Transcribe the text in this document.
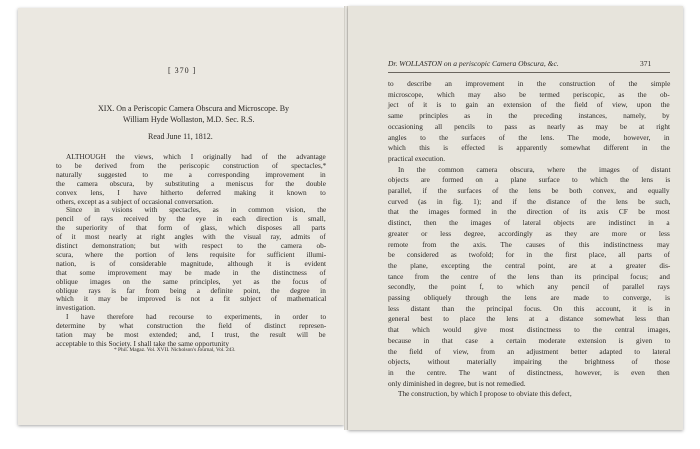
[ 370 ]
XIX. On a Periscopic Camera Obscura and Microscope. By
William Hyde Wollaston, M.D. Sec. R.S.
Read June 11, 1812.
ALTHOUGH the views, which I originally had of the advantage
to be derived from the periscopic construction of spectacles,*
naturally suggested to me a corresponding improvement in
the camera obscura, by substituting a meniscus for the double
convex lens, I have hitherto deferred making it known to
others, except as a subject of occasional conversation.
Since in visions with spectacles, as in common vision, the
pencil of rays received by the eye in each direction is small,
the superiority of that form of glass, which disposes all parts
of it most nearly at right angles with the visual ray, admits of
distinct demonstration; but with respect to the camera ob-
scura, where the portion of lens requisite for sufficient illumi-
nation, is of considerable magnitude, although it is evident
that some improvement may be made in the distinctness of
oblique images on the same principles, yet as the focus of
oblique rays is far from being a definite point, the degree in
which it may be improved is not a fit subject of mathematical
investigation.
I have therefore had recourse to experiments, in order to
determine by what construction the field of distinct represen-
tation may be most extended; and, I trust, the result will be
acceptable to this Society. I shall take the same opportunity
* Phil. Magaz. Vol. XVII. Nicholson's Journal, Vol. 243.
Dr. WOLLASTON on a periscopic Camera Obscura, &c.	371
to describe an improvement in the construction of the simple
microscope, which may also be termed periscopic, as the ob-
ject of it is to gain an extension of the field of view, upon the
same principles as in the preceding instances, namely, by
occasioning all pencils to pass as nearly as may be at right
angles to the surfaces of the lens. The mode, however, in
which this is effected is apparently somewhat different in the
practical execution.
In the common camera obscura, where the images of distant
objects are formed on a plane surface to which the lens is
parallel, if the surfaces of the lens be both convex, and equally
curved (as in fig. 1); and if the distance of the lens be such,
that the images formed in the direction of its axis CF be most
distinct, then the images of lateral objects are indistinct in a
greater or less degree, accordingly as they are more or less
remote from the axis. The causes of this indistinctness may
be considered as twofold; for in the first place, all parts of
the plane, excepting the central point, are at a greater dis-
tance from the centre of the lens than its principal focus; and
secondly, the point f, to which any pencil of parallel rays
passing obliquely through the lens are made to converge, is
less distant than the principal focus. On this account, it is in
general best to place the lens at a distance somewhat less than
that which would give most distinctness to the central images,
because in that case a certain moderate extension is given to
the field of view, from an adjustment better adapted to lateral
objects, without materially impairing the brightness of those
in the centre. The want of distinctness, however, is even then
only diminished in degree, but is not remedied.
The construction, by which I propose to obviate this defect,
